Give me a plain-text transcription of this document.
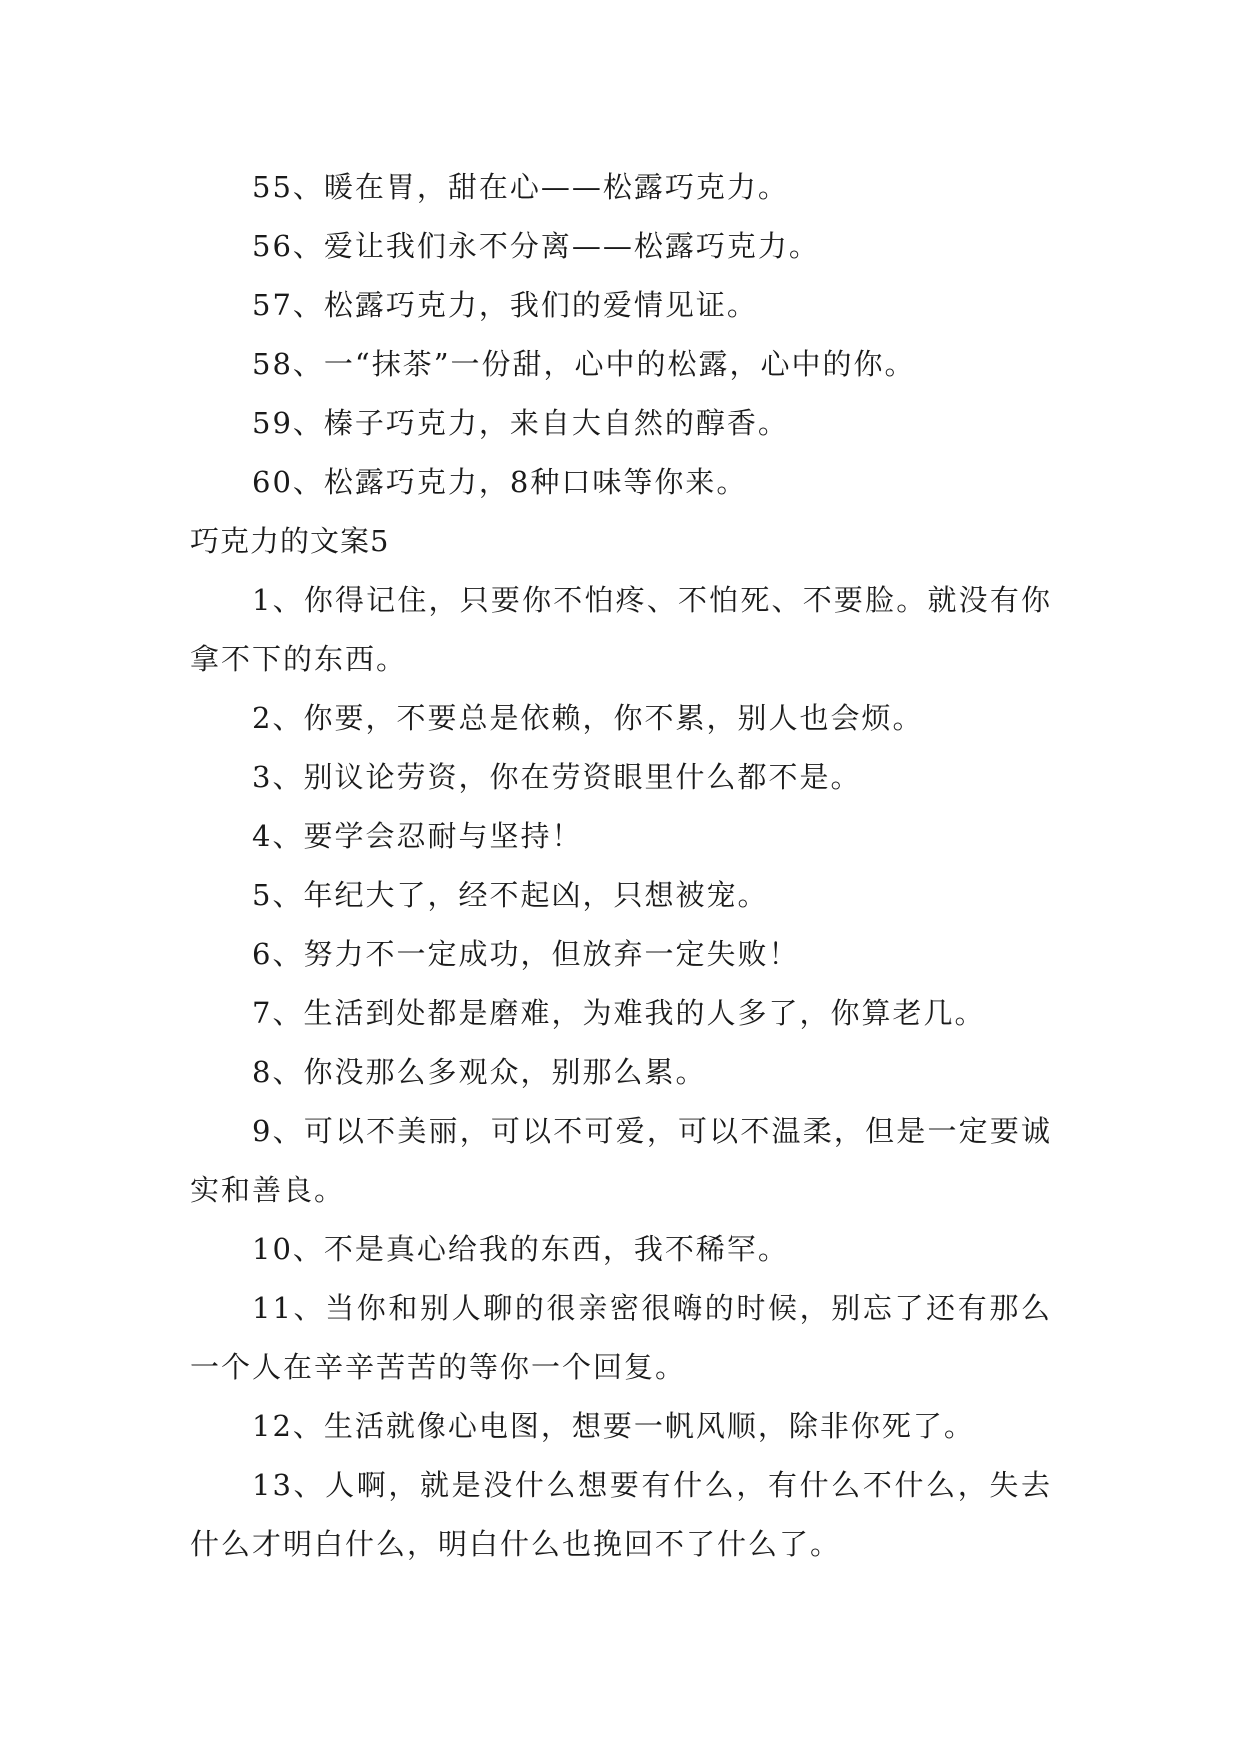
55、暖在胃，甜在心——松露巧克力。
56、爱让我们永不分离——松露巧克力。
57、松露巧克力，我们的爱情见证。
58、一“抹茶”一份甜，心中的松露，心中的你。
59、榛子巧克力，来自大自然的醇香。
60、松露巧克力，8种口味等你来。
巧克力的文案5
1、你得记住，只要你不怕疼、不怕死、不要脸。就没有你拿不下的东西。
2、你要，不要总是依赖，你不累，别人也会烦。
3、别议论劳资，你在劳资眼里什么都不是。
4、要学会忍耐与坚持！
5、年纪大了，经不起凶，只想被宠。
6、努力不一定成功，但放弃一定失败！
7、生活到处都是磨难，为难我的人多了，你算老几。
8、你没那么多观众，别那么累。
9、可以不美丽，可以不可爱，可以不温柔，但是一定要诚实和善良。
10、不是真心给我的东西，我不稀罕。
11、当你和别人聊的很亲密很嗨的时候，别忘了还有那么一个人在辛辛苦苦的等你一个回复。
12、生活就像心电图，想要一帆风顺，除非你死了。
13、人啊，就是没什么想要有什么，有什么不什么，失去什么才明白什么，明白什么也挽回不了什么了。
